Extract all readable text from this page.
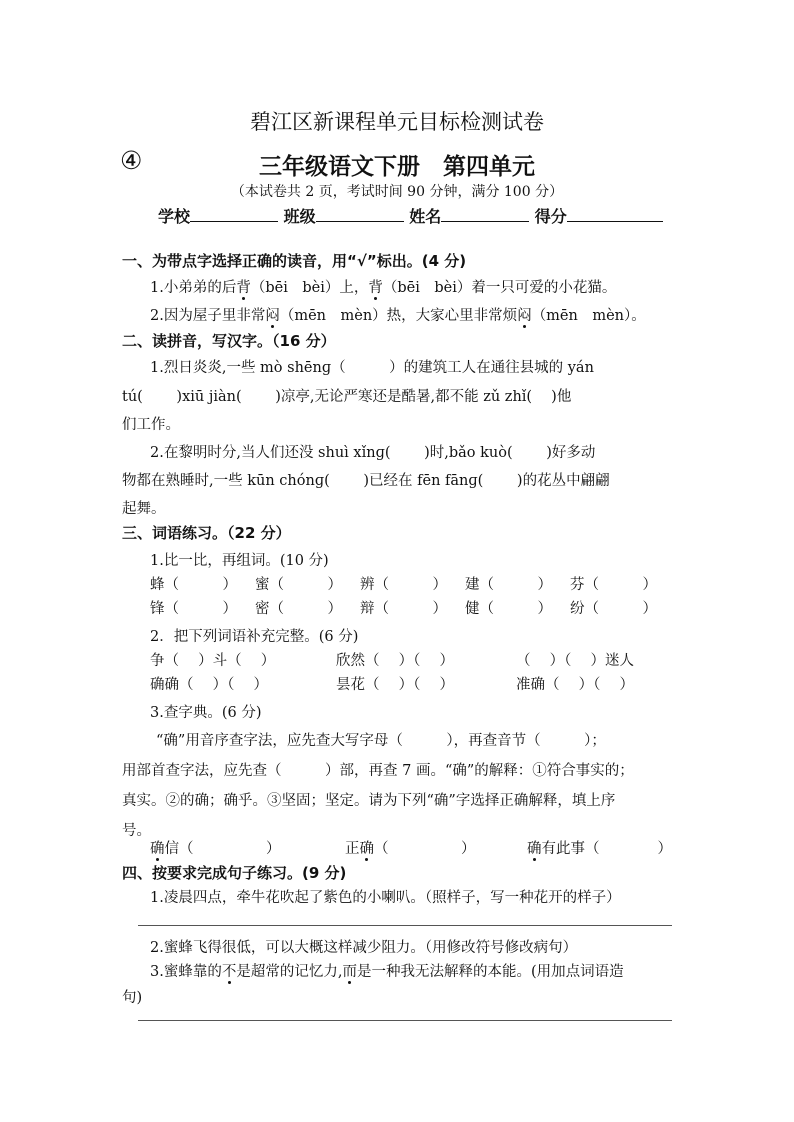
碧江区新课程单元目标检测试卷
④	三年级语文下册　第四单元
（本试卷共 2 页，考试时间 90 分钟，满分 100 分）
学校	班级	姓名	得分
一、为带点字选择正确的读音，用“√”标出。(4 分)
1.小弟弟的后背（bēi　bèi）上，背（bēi　bèi）着一只可爱的小花猫。
2.因为屋子里非常闷（mēn　mèn）热，大家心里非常烦闷（mēn　mèn）。
二、读拼音，写汉字。（16 分）
1.烈日炎炎,一些 mò shēnɡ（　　　）的建筑工人在通往县城的 yán
tú(　　 )xiū jiàn(　　 )凉亭,无论严寒还是酷暑,都不能 zǔ zhǐ(　 )他
们工作。
2.在黎明时分,当人们还没 shuì xǐnɡ(　　 )时,bǎo kuò(　　 )好多动
物都在熟睡时,一些 kūn chónɡ(　　 )已经在 fēn fānɡ(　　 )的花丛中翩翩
起舞。
三、词语练习。（22 分）
1.比一比，再组词。(10 分)
蜂（　　　） 蜜（　　　） 辨（　　　） 建（　　　） 芬（　　　）
锋（　　　） 密（　　　） 辩（　　　） 健（　　　） 纷（　　　）
2．把下列词语补充完整。(6 分)
争（　 ）斗（　 ）	欣然（　 ）（　 ）	（　 ）（　 ）迷人
确确（　 ）（　 ）	昙花（　 ）（　 ）	准确（　 ）（　 ）
3.查字典。(6 分)
“确”用音序查字法，应先查大写字母（　　　），再查音节（　　　）；
用部首查字法，应先查（　　　）部，再查 7 画。“确”的解释：①符合事实的；
真实。②的确；确乎。③坚固；坚定。请为下列“确”字选择正确解释，填上序
号。
确信（　　　　　）	正确（　　　　　）	确有此事（　　　　）
四、按要求完成句子练习。(9 分)
1.凌晨四点，牵牛花吹起了紫色的小喇叭。（照样子，写一种花开的样子）
2.蜜蜂飞得很低，可以大概这样减少阻力。（用修改符号修改病句）
3.蜜蜂靠的不是超常的记忆力,而是一种我无法解释的本能。(用加点词语造
句)
